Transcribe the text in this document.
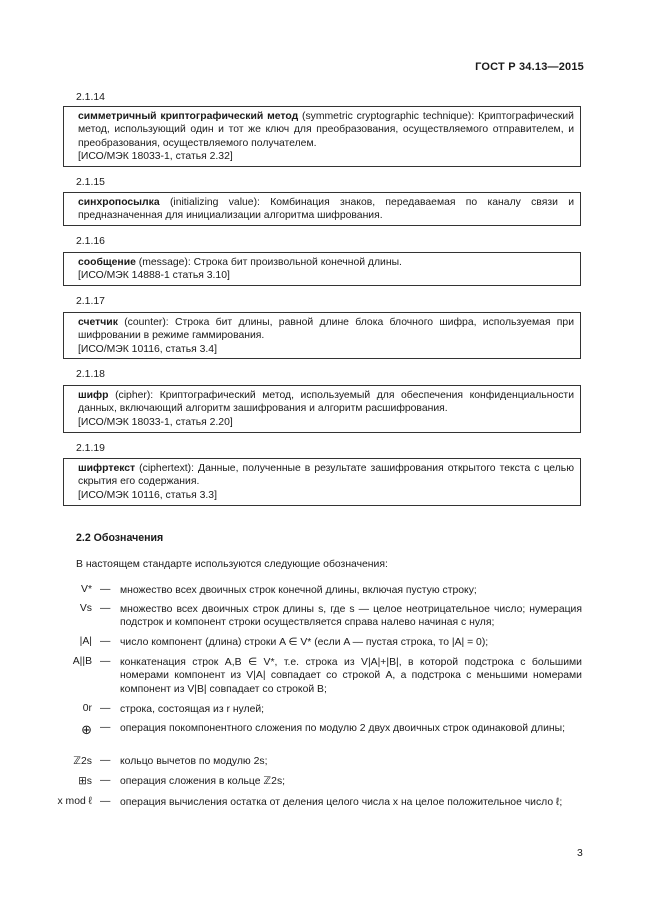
ГОСТ Р 34.13—2015
2.1.14

симметричный криптографический метод (symmetric cryptographic technique): Криптографический метод, использующий один и тот же ключ для преобразования, осуществляемого отправителем, и преобразования, осуществляемого получателем.

[ИСО/МЭК 18033-1, статья 2.32]

2.1.15

синхропосылка (initializing value): Комбинация знаков, передаваемая по каналу связи и предназначенная для инициализации алгоритма шифрования.

2.1.16

сообщение (message): Строка бит произвольной конечной длины.

[ИСО/МЭК 14888-1 статья 3.10]

2.1.17

счетчик (counter): Строка бит длины, равной длине блока блочного шифра, используемая при шифровании в режиме гаммирования.

[ИСО/МЭК 10116, статья 3.4]

2.1.18

шифр (cipher): Криптографический метод, используемый для обеспечения конфиденциальности данных, включающий алгоритм зашифрования и алгоритм расшифрования.

[ИСО/МЭК 18033-1, статья 2.20]

2.1.19

шифртекст (ciphertext): Данные, полученные в результате зашифрования открытого текста с целью скрытия его содержания.

[ИСО/МЭК 10116, статья 3.3]

2.2 Обозначения
В настоящем стандарте используются следующие обозначения:
V* — множество всех двоичных строк конечной длины, включая пустую строку;
Vs — множество всех двоичных строк длины s, где s — целое неотрицательное число; нумерация подстрок и компонент строки осуществляется справа налево начиная с нуля;
|A| — число компонент (длина) строки A ∈ V* (если A — пустая строка, то |A| = 0);
A||B — конкатенация строк A,B ∈ V*, т.е. строка из V|A|+|B|, в которой подстрока с большими номерами компонент из V|A| совпадает со строкой A, а подстрока с меньшими номерами компонент из V|B| совпадает со строкой B;
0r — строка, состоящая из r нулей;
⊕ — операция покомпонентного сложения по модулю 2 двух двоичных строк одинаковой длины;
ℤ2s — кольцо вычетов по модулю 2s;
⊞s — операция сложения в кольце ℤ2s;
x mod ℓ — операция вычисления остатка от деления целого числа x на целое положительное число ℓ;
3
